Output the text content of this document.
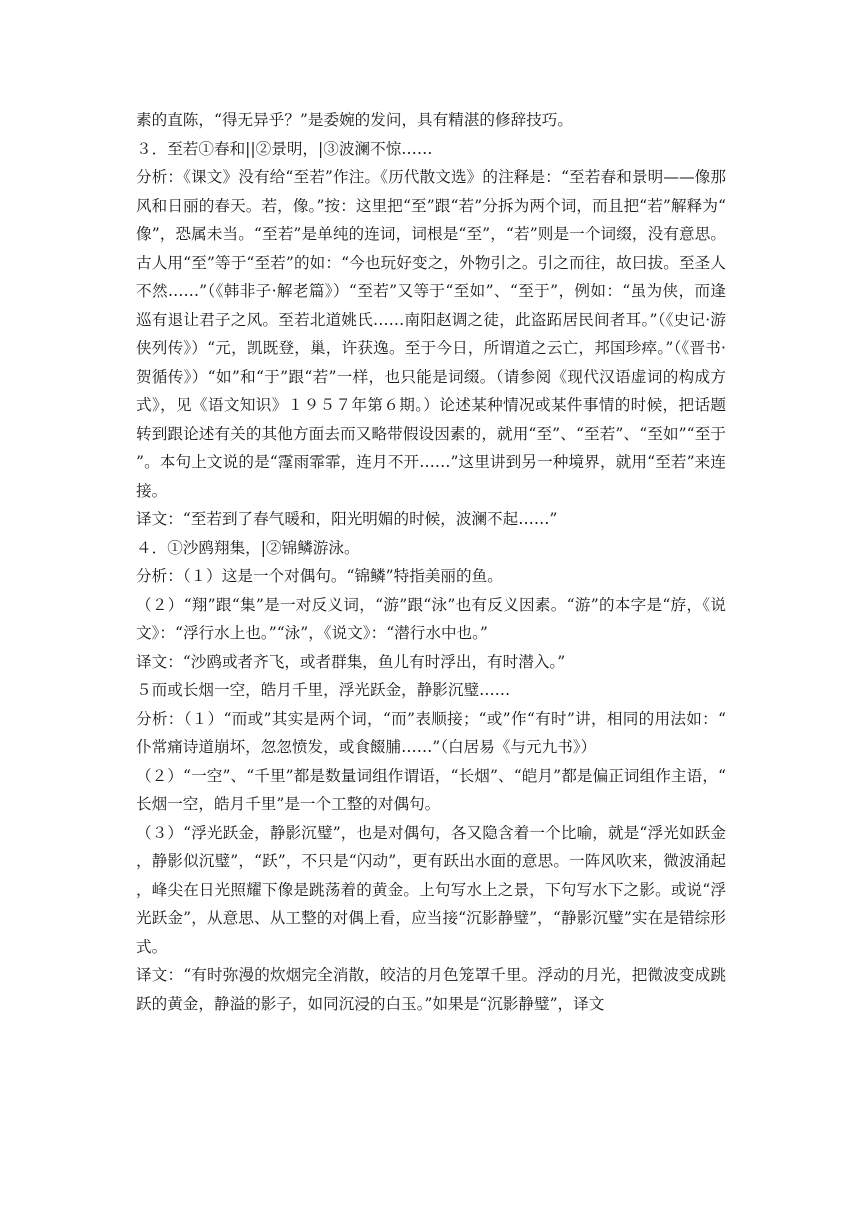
素的直陈，“得无异乎？”是委婉的发问，具有精湛的修辞技巧。

３．至若①春和||②景明，|③波澜不惊……

分析：《课文》没有给“至若”作注。《历代散文选》的注释是：“至若春和景明——像那风和日丽的春天。若，像。”按：这里把“至”跟“若”分拆为两个词，而且把“若”解释为“像”，恐属未当。“至若”是单纯的连词，词根是“至”，“若”则是一个词缀，没有意思。古人用“至”等于“至若”的如：“今也玩好变之，外物引之。引之而往，故曰拔。至圣人不然……”（《韩非子·解老篇》）“至若”又等于“至如”、“至于”，例如：“虽为侠，而逢巡有退让君子之风。至若北道姚氏……南阳赵调之徒，此盗跖居民间者耳。”（《史记·游侠列传》）“元，凯既登，巢，许获逸。至于今日，所谓道之云亡，邦国珍瘁。”（《晋书·贺循传》）“如”和“于”跟“若”一样，也只能是词缀。（请参阅《现代汉语虚词的构成方式》，见《语文知识》１９５７年第６期。）论述某种情况或某件事情的时候，把话题转到跟论述有关的其他方面去而又略带假设因素的，就用“至”、“至若”、“至如”“至于”。本句上文说的是“霪雨霏霏，连月不开……”这里讲到另一种境界，就用“至若”来连接。

译文：“至若到了春气暖和，阳光明媚的时候，波澜不起……”

４．①沙鸥翔集，|②锦鳞游泳。

分析：（１）这是一个对偶句。“锦鳞”特指美丽的鱼。

（２）“翔”跟“集”是一对反义词，“游”跟“泳”也有反义因素。“游”的本字是“斿，《说文》：“浮行水上也。”“泳”，《说文》：“潜行水中也。”

译文：“沙鸥或者齐飞，或者群集，鱼儿有时浮出，有时潜入。”

５而或长烟一空，皓月千里，浮光跃金，静影沉璧……

分析：（１）“而或”其实是两个词，“而”表顺接；“或”作“有时”讲，相同的用法如：“仆常痛诗道崩坏，忽忽愤发，或食餟脯……”（白居易《与元九书》）

（２）“一空”、“千里”都是数量词组作谓语，“长烟”、“皑月”都是偏正词组作主语，“长烟一空，皓月千里”是一个工整的对偶句。

（３）“浮光跃金，静影沉璧”，也是对偶句，各又隐含着一个比喻，就是“浮光如跃金，静影似沉璧”，“跃”，不只是“闪动”，更有跃出水面的意思。一阵风吹来，微波涌起，峰尖在日光照耀下像是跳荡着的黄金。上句写水上之景，下句写水下之影。或说“浮光跃金”，从意思、从工整的对偶上看，应当接“沉影静璧”，“静影沉璧”实在是错综形式。

译文：“有时弥漫的炊烟完全消散，皎洁的月色笼罩千里。浮动的月光，把微波变成跳跃的黄金，静溢的影子，如同沉浸的白玉。”如果是“沉影静璧”，译文
